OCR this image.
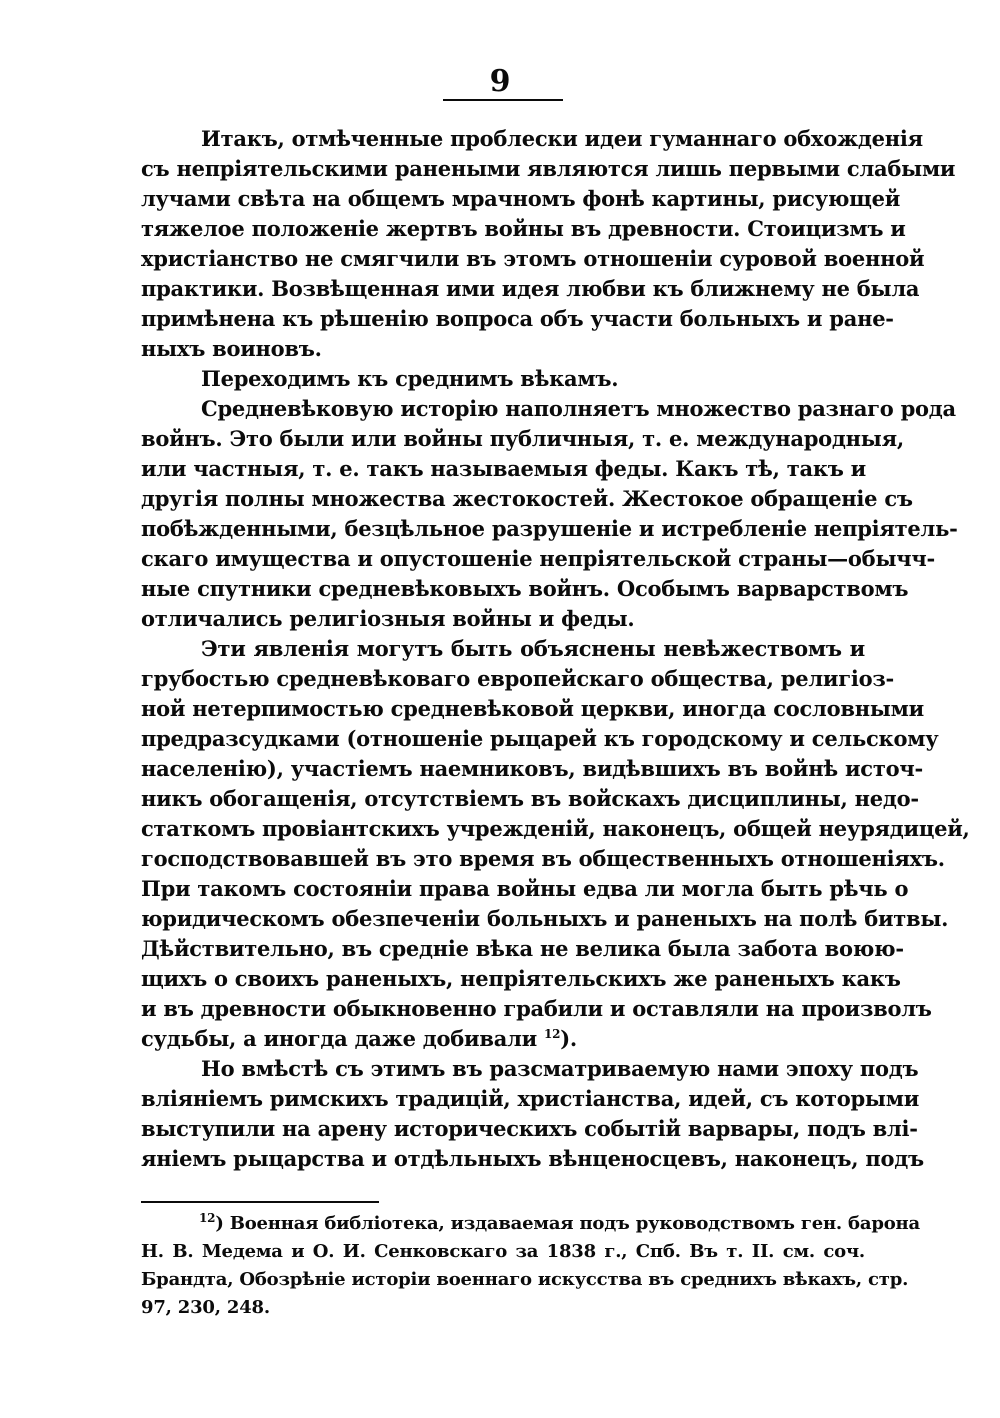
9
Итакъ, отмѣченные проблески идеи гуманнаго обхожденія
съ непріятельскими ранеными являются лишь первыми слабыми
лучами свѣта на общемъ мрачномъ фонѣ картины, рисующей
тяжелое положеніе жертвъ войны въ древности. Стоицизмъ и
христіанство не смягчили въ этомъ отношеніи суровой военной
практики. Возвѣщенная ими идея любви къ ближнему не была
примѣнена къ рѣшенію вопроса объ участи больныхъ и ране-
ныхъ воиновъ.
Переходимъ къ среднимъ вѣкамъ.
Средневѣковую исторію наполняетъ множество разнаго рода
войнъ. Это были или войны публичныя, т. е. международныя,
или частныя, т. е. такъ называемыя феды. Какъ тѣ, такъ и
другія полны множества жестокостей. Жестокое обращеніе съ
побѣжденными, безцѣльное разрушеніе и истребленіе непріятель-
скаго имущества и опустошеніе непріятельской страны—обычч-
ные спутники средневѣковыхъ войнъ. Особымъ варварствомъ
отличались религіозныя войны и феды.
Эти явленія могутъ быть объяснены невѣжествомъ и
грубостью средневѣковаго европейскаго общества, религіоз-
ной нетерпимостью средневѣковой церкви, иногда сословными
предразсудками (отношеніе рыцарей къ городскому и сельскому
населенію), участіемъ наемниковъ, видѣвшихъ въ войнѣ источ-
никъ обогащенія, отсутствіемъ въ войскахъ дисциплины, недо-
статкомъ провіантскихъ учрежденій, наконецъ, общей неурядицей,
господствовавшей въ это время въ общественныхъ отношеніяхъ.
При такомъ состояніи права войны едва ли могла быть рѣчь о
юридическомъ обезпеченіи больныхъ и раненыхъ на полѣ битвы.
Дѣйствительно, въ средніе вѣка не велика была забота воюю-
щихъ о своихъ раненыхъ, непріятельскихъ же раненыхъ какъ
и въ древности обыкновенно грабили и оставляли на произволъ
судьбы, а иногда даже добивали $^{12}$).
Но вмѣстѣ съ этимъ въ разсматриваемую нами эпоху подъ
вліяніемъ римскихъ традицій, христіанства, идей, съ которыми
выступили на арену историческихъ событій варвары, подъ влі-
яніемъ рыцарства и отдѣльныхъ вѣнценосцевъ, наконецъ, подъ
$^{12}$) Военная библіотека, издаваемая подъ руководствомъ ген. барона
Н. В. Медема и О. И. Сенковскаго за 1838 г., Спб. Въ т. II. см. соч.
Брандта, Обозрѣніе исторіи военнаго искусства въ среднихъ вѣкахъ, стр.
97, 230, 248.
